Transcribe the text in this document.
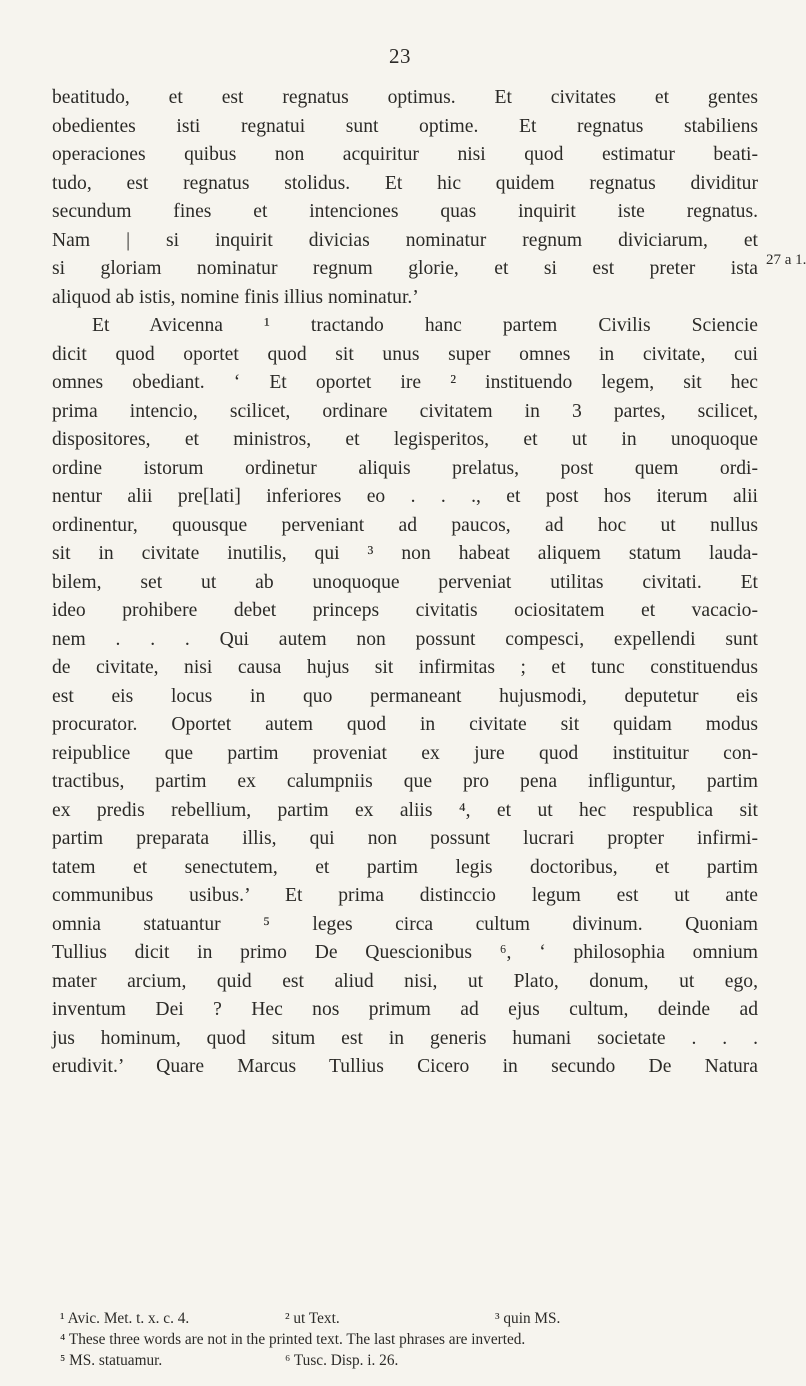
23
27 a 1.
beatitudo, et est regnatus optimus. Et civitates et gentes
obedientes isti regnatui sunt optime. Et regnatus stabiliens
operaciones quibus non acquiritur nisi quod estimatur beati-
tudo, est regnatus stolidus. Et hic quidem regnatus dividitur
secundum fines et intenciones quas inquirit iste regnatus.
Nam | si inquirit divicias nominatur regnum diviciarum, et
si gloriam nominatur regnum glorie, et si est preter ista
aliquod ab istis, nomine finis illius nominatur.’
Et Avicenna ¹ tractando hanc partem Civilis Sciencie
dicit quod oportet quod sit unus super omnes in civitate, cui
omnes obediant. ‘ Et oportet ire ² instituendo legem, sit hec
prima intencio, scilicet, ordinare civitatem in 3 partes, scilicet,
dispositores, et ministros, et legisperitos, et ut in unoquoque
ordine istorum ordinetur aliquis prelatus, post quem ordi-
nentur alii pre[lati] inferiores eo . . ., et post hos iterum alii
ordinentur, quousque perveniant ad paucos, ad hoc ut nullus
sit in civitate inutilis, qui ³ non habeat aliquem statum lauda-
bilem, set ut ab unoquoque perveniat utilitas civitati. Et
ideo prohibere debet princeps civitatis ociositatem et vacacio-
nem . . . Qui autem non possunt compesci, expellendi sunt
de civitate, nisi causa hujus sit infirmitas ; et tunc constituendus
est eis locus in quo permaneant hujusmodi, deputetur eis
procurator. Oportet autem quod in civitate sit quidam modus
reipublice que partim proveniat ex jure quod instituitur con-
tractibus, partim ex calumpniis que pro pena infliguntur, partim
ex predis rebellium, partim ex aliis ⁴, et ut hec respublica sit
partim preparata illis, qui non possunt lucrari propter infirmi-
tatem et senectutem, et partim legis doctoribus, et partim
communibus usibus.’ Et prima distinccio legum est ut ante
omnia statuantur ⁵ leges circa cultum divinum. Quoniam
Tullius dicit in primo De Quescionibus ⁶, ‘ philosophia omnium
mater arcium, quid est aliud nisi, ut Plato, donum, ut ego,
inventum Dei ? Hec nos primum ad ejus cultum, deinde ad
jus hominum, quod situm est in generis humani societate . . .
erudivit.’ Quare Marcus Tullius Cicero in secundo De Natura
¹ Avic. Met. t. x. c. 4.	² ut Text.	³ quin MS.
⁴ These three words are not in the printed text. The last phrases are inverted.
⁵ MS. statuamur.	⁶ Tusc. Disp. i. 26.
